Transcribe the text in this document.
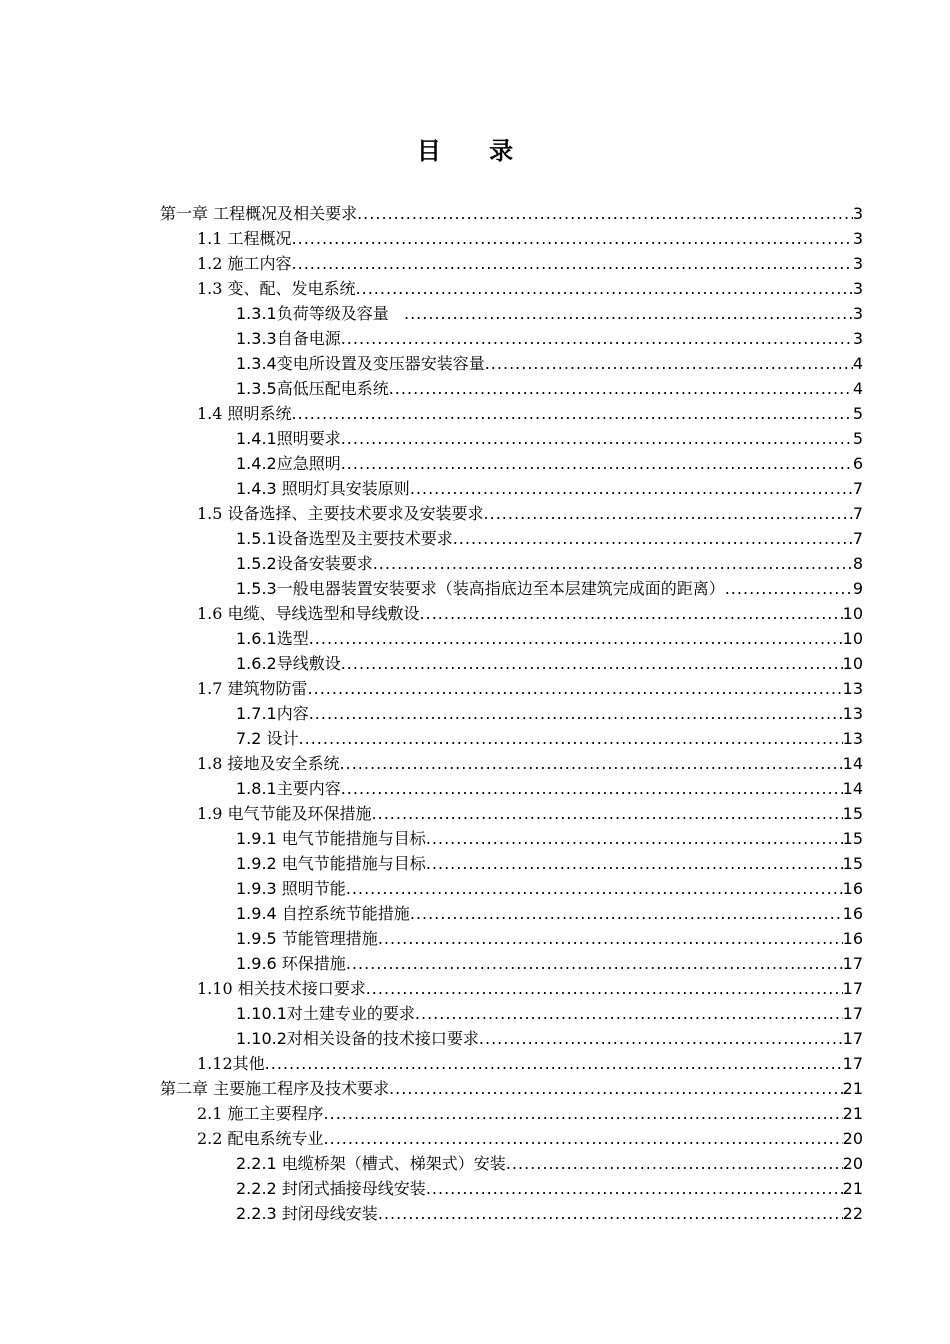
目 录
第一章 工程概况及相关要求 .....	3
1.1 工程概况 .....	3
1.2 施工内容 .....	3
1.3 变、配、发电系统 .....	3
1.3.1负荷等级及容量 .....	3
1.3.3自备电源 .....	3
1.3.4变电所设置及变压器安装容量 .....	4
1.3.5高低压配电系统 .....	4
1.4 照明系统 .....	5
1.4.1照明要求 .....	5
1.4.2应急照明 .....	6
1.4.3 照明灯具安装原则 .....	7
1.5 设备选择、主要技术要求及安装要求 .....	7
1.5.1设备选型及主要技术要求 .....	7
1.5.2设备安装要求 .....	8
1.5.3一般电器装置安装要求（装高指底边至本层建筑完成面的距离） .....	9
1.6 电缆、导线选型和导线敷设 .....	10
1.6.1选型 .....	10
1.6.2导线敷设 .....	10
1.7 建筑物防雷 .....	13
1.7.1内容 .....	13
7.2 设计 .....	13
1.8 接地及安全系统 .....	14
1.8.1主要内容 .....	14
1.9 电气节能及环保措施 .....	15
1.9.1 电气节能措施与目标 .....	15
1.9.2 电气节能措施与目标 .....	15
1.9.3 照明节能 .....	16
1.9.4 自控系统节能措施 .....	16
1.9.5 节能管理措施 .....	16
1.9.6 环保措施 .....	17
1.10 相关技术接口要求 .....	17
1.10.1对土建专业的要求 .....	17
1.10.2对相关设备的技术接口要求 .....	17
1.12其他 .....	17
第二章 主要施工程序及技术要求 .....	21
2.1 施工主要程序 .....	21
2.2 配电系统专业 .....	20
2.2.1 电缆桥架（槽式、梯架式）安装 .....	20
2.2.2 封闭式插接母线安装 .....	21
2.2.3 封闭母线安装 .....	22
